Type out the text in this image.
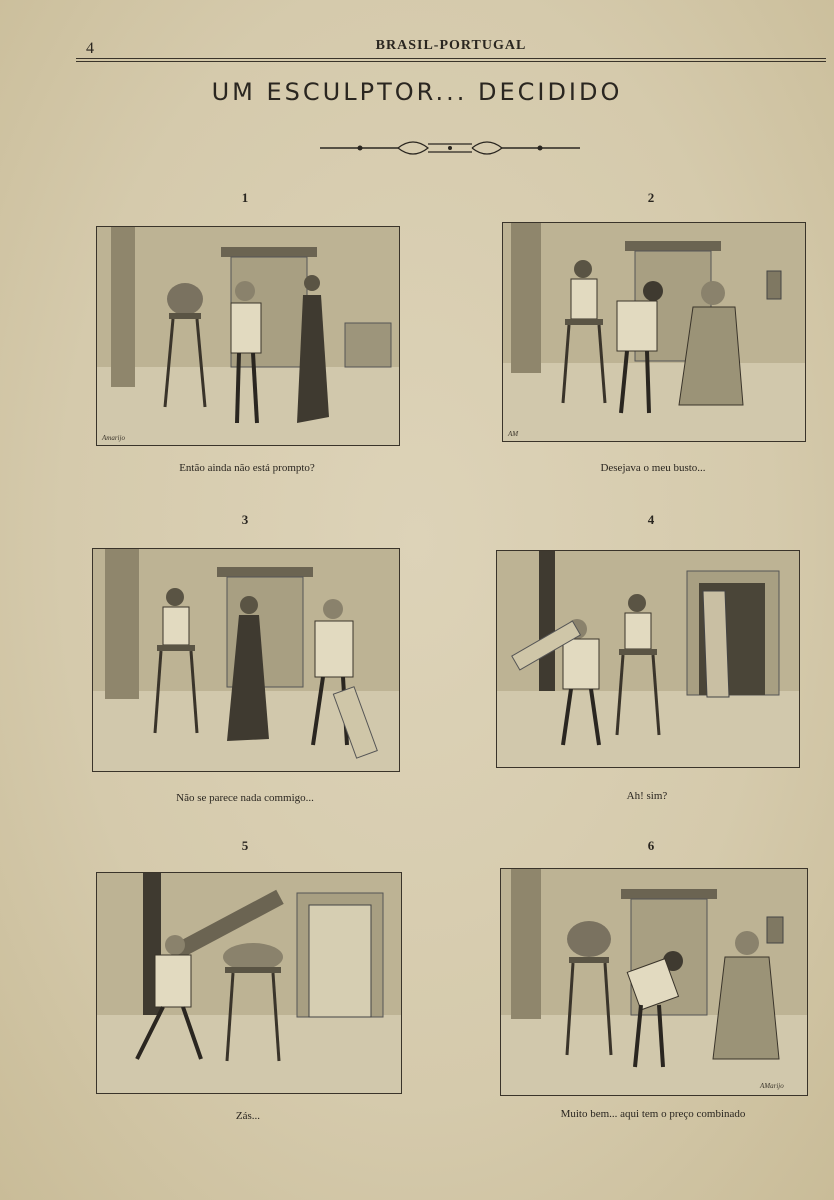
4	BRASIL-PORTUGAL
UM ESCULPTOR... DECIDIDO
1
Amarijo
Então ainda não está prompto?
2
AM
Desejava o meu busto...
3
Não se parece nada commigo...
4
Ah! sim?
5
Zás...
6
AMarijo
Muito bem... aqui tem o preço combinado
